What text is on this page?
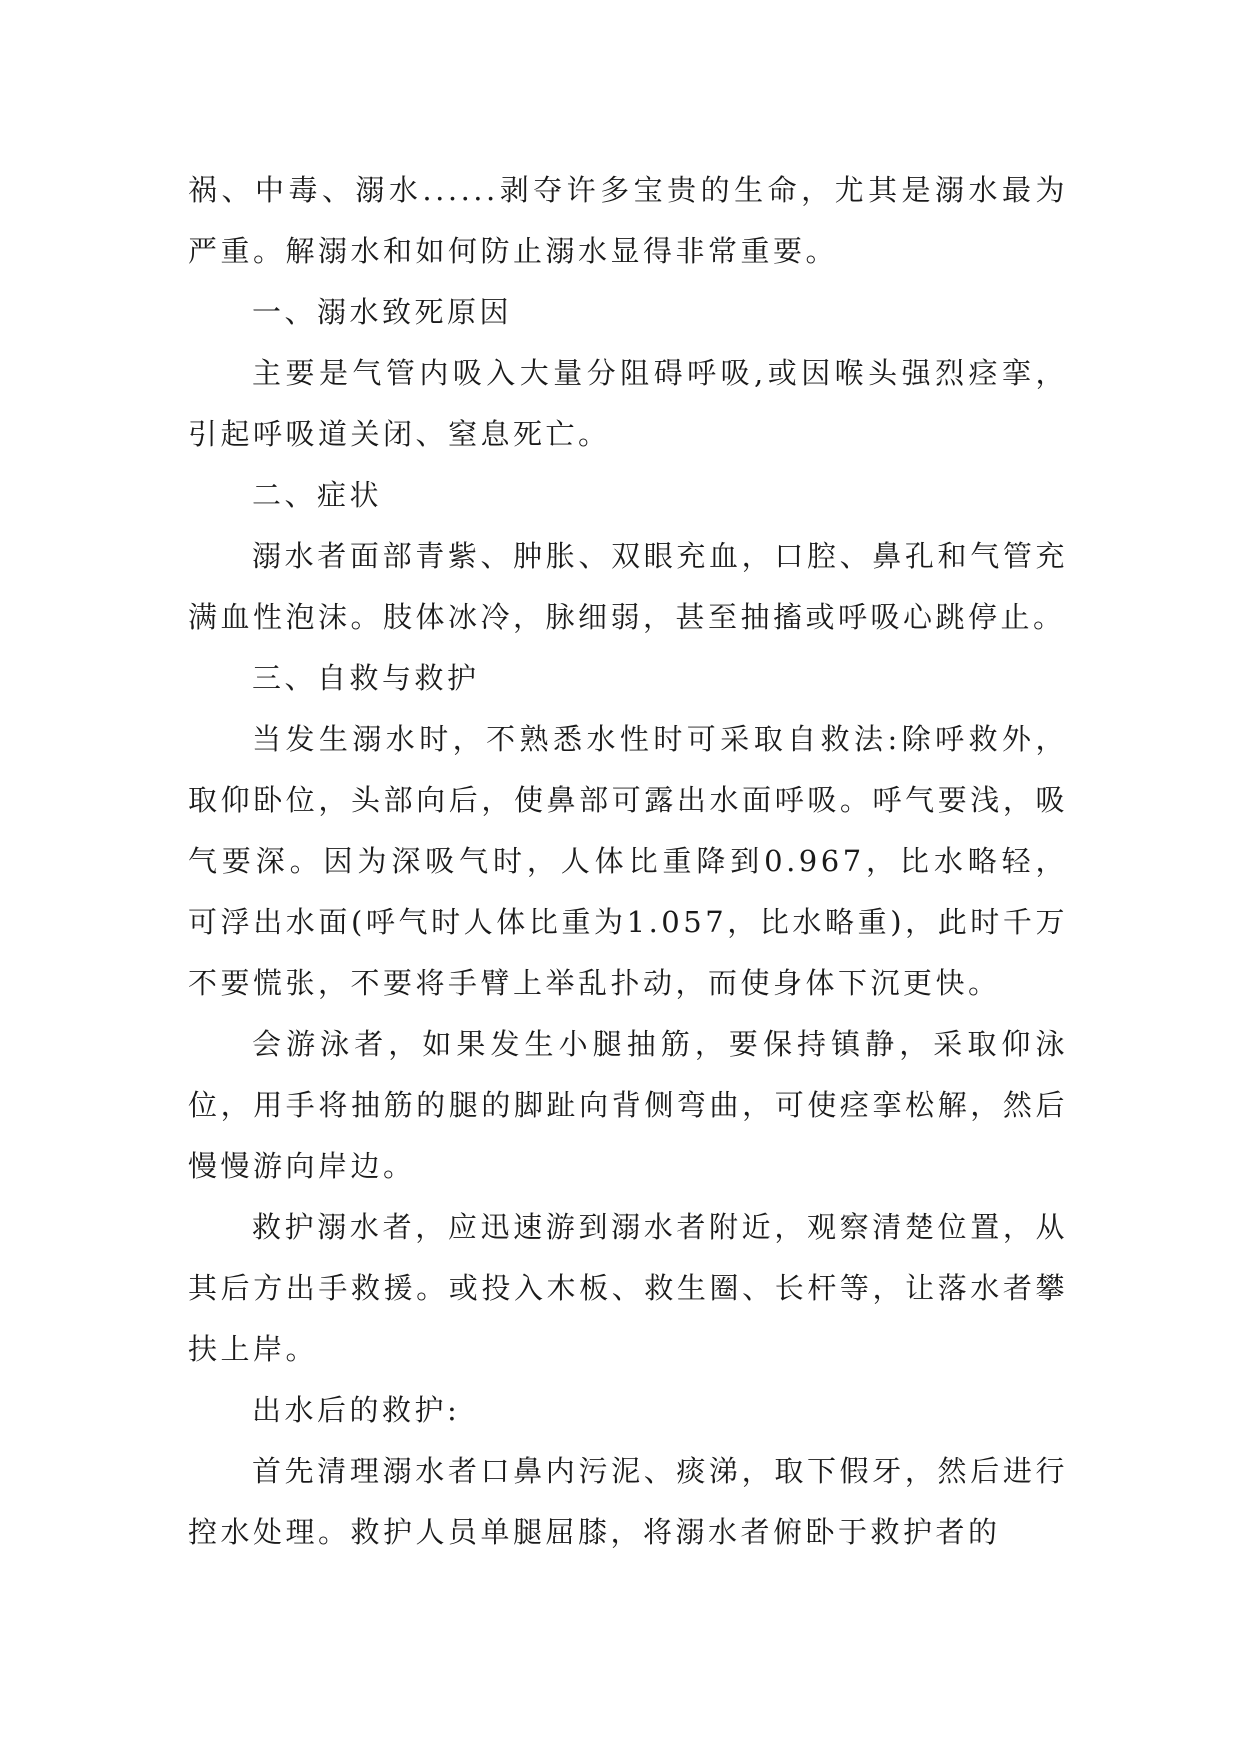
祸、中毒、溺水......剥夺许多宝贵的生命，尤其是溺水最为严重。解溺水和如何防止溺水显得非常重要。

一、溺水致死原因

主要是气管内吸入大量分阻碍呼吸,或因喉头强烈痉挛，引起呼吸道关闭、窒息死亡。

二、症状

溺水者面部青紫、肿胀、双眼充血，口腔、鼻孔和气管充满血性泡沫。肢体冰冷，脉细弱，甚至抽搐或呼吸心跳停止。

三、自救与救护

当发生溺水时，不熟悉水性时可采取自救法:除呼救外，取仰卧位，头部向后，使鼻部可露出水面呼吸。呼气要浅，吸气要深。因为深吸气时，人体比重降到0.967，比水略轻，可浮出水面(呼气时人体比重为1.057，比水略重)，此时千万不要慌张，不要将手臂上举乱扑动，而使身体下沉更快。

会游泳者，如果发生小腿抽筋，要保持镇静，采取仰泳位，用手将抽筋的腿的脚趾向背侧弯曲，可使痉挛松解，然后慢慢游向岸边。

救护溺水者，应迅速游到溺水者附近，观察清楚位置，从其后方出手救援。或投入木板、救生圈、长杆等，让落水者攀扶上岸。

出水后的救护:

首先清理溺水者口鼻内污泥、痰涕，取下假牙，然后进行控水处理。救护人员单腿屈膝，将溺水者俯卧于救护者的
